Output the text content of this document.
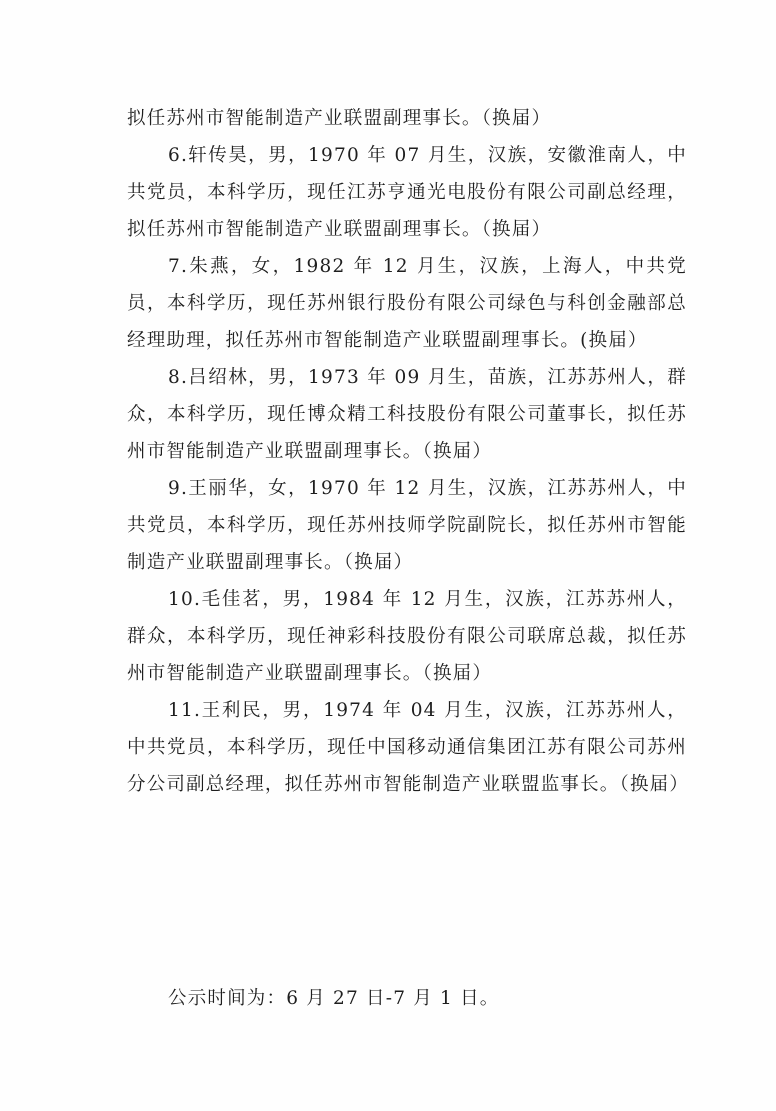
拟任苏州市智能制造产业联盟副理事长。（换届）

6.轩传昊，男，1970 年 07 月生，汉族，安徽淮南人，中共党员，本科学历，现任江苏亨通光电股份有限公司副总经理，拟任苏州市智能制造产业联盟副理事长。（换届）

7.朱燕，女，1982 年 12 月生，汉族，上海人，中共党员，本科学历，现任苏州银行股份有限公司绿色与科创金融部总经理助理，拟任苏州市智能制造产业联盟副理事长。(换届）

8.吕绍林，男，1973 年 09 月生，苗族，江苏苏州人，群众，本科学历，现任博众精工科技股份有限公司董事长，拟任苏州市智能制造产业联盟副理事长。（换届）

9.王丽华，女，1970 年 12 月生，汉族，江苏苏州人，中共党员，本科学历，现任苏州技师学院副院长，拟任苏州市智能制造产业联盟副理事长。（换届）

10.毛佳茗，男，1984 年 12 月生，汉族，江苏苏州人，群众，本科学历，现任神彩科技股份有限公司联席总裁，拟任苏州市智能制造产业联盟副理事长。（换届）

11.王利民，男，1974 年 04 月生，汉族，江苏苏州人，中共党员，本科学历，现任中国移动通信集团江苏有限公司苏州分公司副总经理，拟任苏州市智能制造产业联盟监事长。（换届）

公示时间为：6 月 27 日-7 月 1 日。
